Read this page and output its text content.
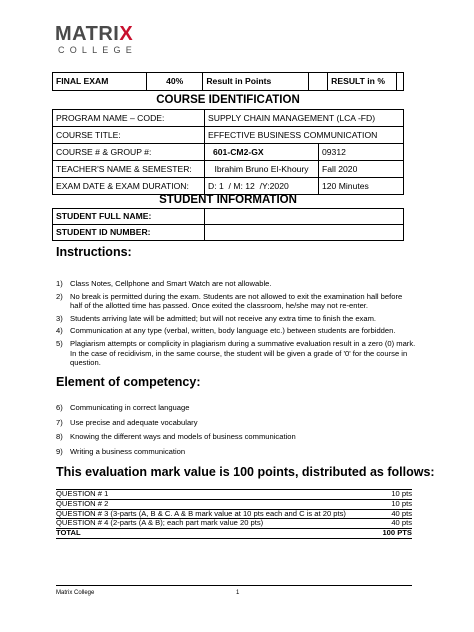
MATRIX
COLLEGE
FINAL EXAM	40%	Result in Points		RESULT in %	
COURSE IDENTIFICATION
PROGRAM NAME – CODE:	SUPPLY CHAIN MANAGEMENT (LCA -FD)	
COURSE TITLE:	EFFECTIVE BUSINESS COMMUNICATION	
COURSE # & GROUP #:	601-CM2-GX	09312
TEACHER'S NAME & SEMESTER:	Ibrahim Bruno El-Khoury	Fall 2020
EXAM DATE & EXAM DURATION:	D: 1 / M: 12 /Y:2020	120 Minutes
STUDENT INFORMATION
STUDENT FULL NAME:	
STUDENT ID NUMBER:	
Instructions:
1) Class Notes, Cellphone and Smart Watch are not allowable.
2) No break is permitted during the exam. Students are not allowed to exit the examination hall before half of the allotted time has passed. Once exited the classroom, he/she may not re-enter.
3) Students arriving late will be admitted; but will not receive any extra time to finish the exam.
4) Communication at any type (verbal, written, body language etc.) between students are forbidden.
5) Plagiarism attempts or complicity in plagiarism during a summative evaluation result in a zero (0) mark. In the case of recidivism, in the same course, the student will be given a grade of '0' for the course in question.
Element of competency:
6) Communicating in correct language
7) Use precise and adequate vocabulary
8) Knowing the different ways and models of business communication
9) Writing a business communication
This evaluation mark value is 100 points, distributed as follows:
QUESTION # 1	10 pts
QUESTION # 2	10 pts
QUESTION # 3 (3-parts (A, B & C. A & B mark value at 10 pts each and C is at 20 pts)	40 pts
QUESTION # 4 (2-parts (A & B); each part mark value 20 pts)	40 pts
TOTAL	100 PTS
Matrix College	1
